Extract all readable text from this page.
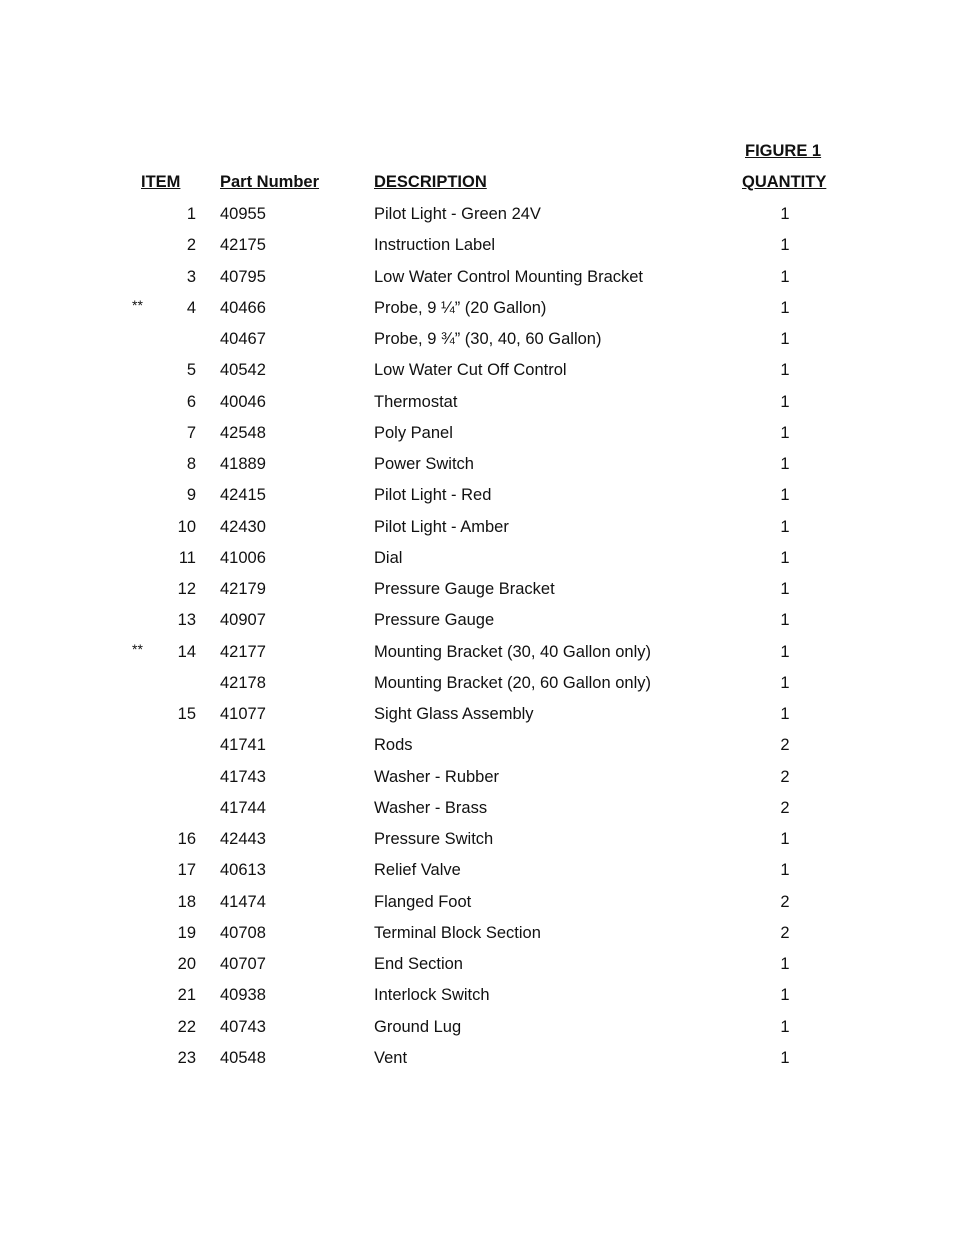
FIGURE 1
ITEM Part Number	DESCRIPTION	QUANTITY
1 40955	Pilot Light - Green 24V	1
2 42175	Instruction Label	1
3 40795	Low Water Control Mounting Bracket	1
**	4 40466	Probe, 9 ¼” (20 Gallon)	1
40467	Probe, 9 ¾” (30, 40, 60 Gallon)	1
5 40542	Low Water Cut Off Control	1
6 40046	Thermostat	1
7 42548	Poly Panel	1
8 41889	Power Switch	1
9 42415	Pilot Light - Red	1
10 42430	Pilot Light - Amber	1
11 41006	Dial	1
12 42179	Pressure Gauge Bracket	1
13 40907	Pressure Gauge	1
**	14 42177	Mounting Bracket (30, 40 Gallon only)	1
42178	Mounting Bracket (20, 60 Gallon only)	1
15 41077	Sight Glass Assembly	1
41741	Rods	2
41743	Washer - Rubber	2
41744	Washer - Brass	2
16 42443	Pressure Switch	1
17 40613	Relief Valve	1
18 41474	Flanged Foot	2
19 40708	Terminal Block Section	2
20 40707	End Section	1
21 40938	Interlock Switch	1
22 40743	Ground Lug	1
23 40548	Vent	1
